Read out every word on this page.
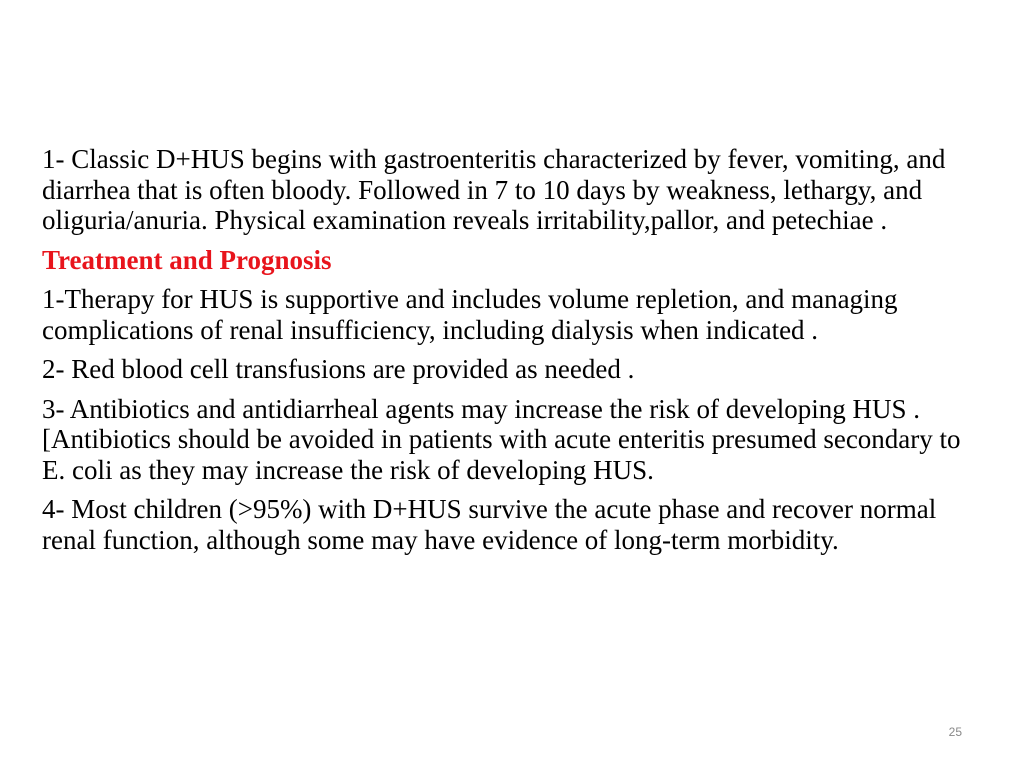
1- Classic D+HUS begins with gastroenteritis characterized by fever, vomiting, and diarrhea that is often bloody. Followed in 7 to 10 days by weakness, lethargy, and oliguria/anuria. Physical examination reveals irritability,pallor, and petechiae .

Treatment and Prognosis

1-Therapy for HUS is supportive and includes volume repletion, and managing complications of renal insufficiency, including dialysis when indicated .

2- Red blood cell transfusions are provided as needed .

3- Antibiotics and antidiarrheal agents may increase the risk of developing HUS . [Antibiotics should be avoided in patients with acute enteritis presumed secondary to E. coli as they may increase the risk of developing HUS.

4- Most children (>95%) with D+HUS survive the acute phase and recover normal renal function, although some may have evidence of long-term morbidity.

25
